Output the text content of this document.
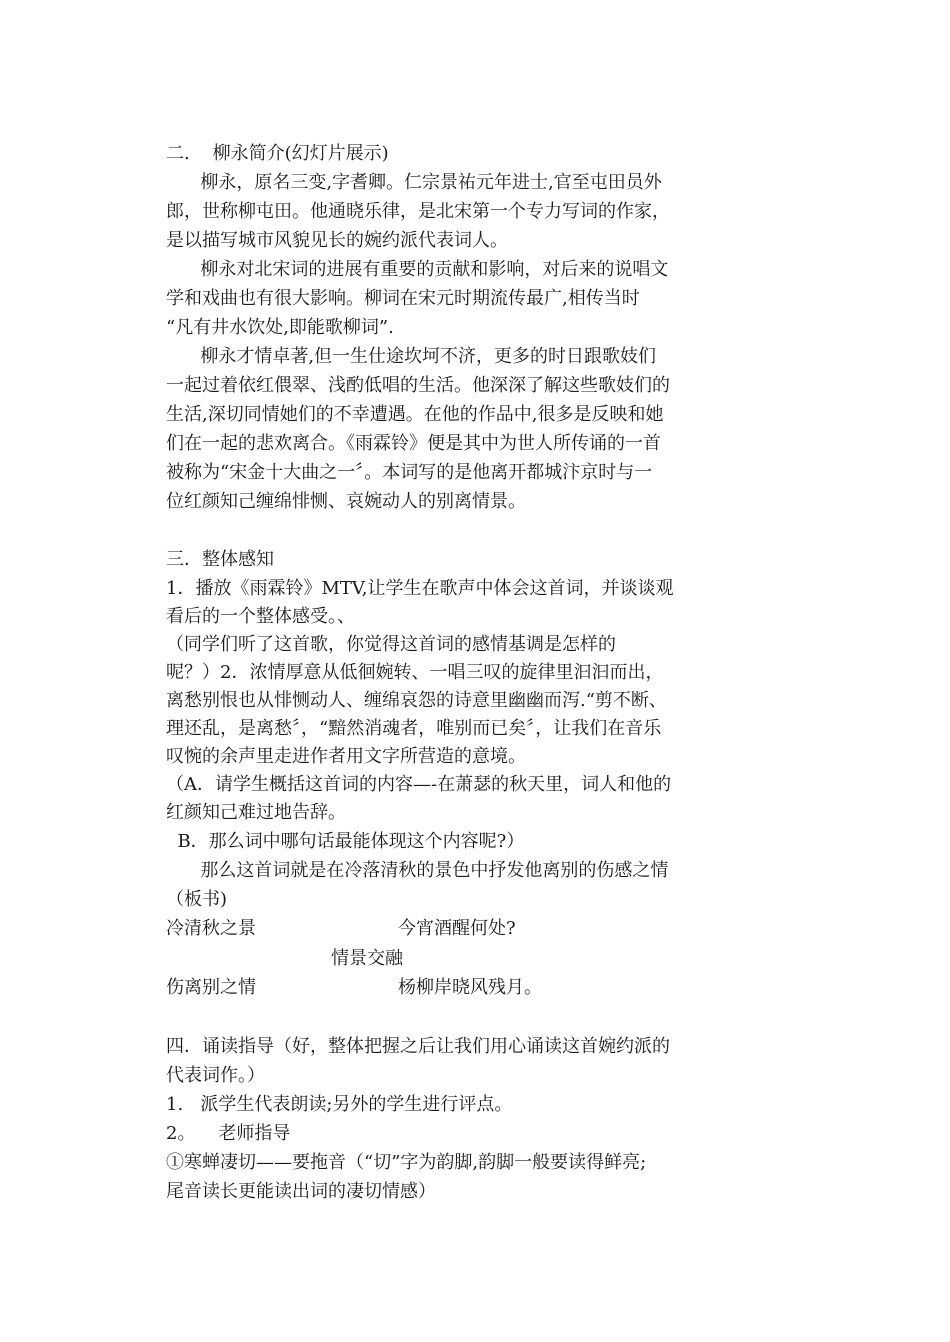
二.    柳永简介(幻灯片展示)
柳永，原名三变,字耆卿。仁宗景祐元年进士,官至屯田员外
郎，世称柳屯田。他通晓乐律，是北宋第一个专力写词的作家，
是以描写城市风貌见长的婉约派代表词人。
柳永对北宋词的进展有重要的贡献和影响，对后来的说唱文
学和戏曲也有很大影响。柳词在宋元时期流传最广,相传当时
“凡有井水饮处,即能歌柳词”.
柳永才情卓著,但一生仕途坎坷不济，更多的时日跟歌妓们
一起过着依红偎翠、浅酌低唱的生活。他深深了解这些歌妓们的
生活,深切同情她们的不幸遭遇。在他的作品中,很多是反映和她
们在一起的悲欢离合。《雨霖铃》便是其中为世人所传诵的一首
被称为“宋金十大曲之一〞。本词写的是他离开都城汴京时与一
位红颜知己缠绵悱恻、哀婉动人的别离情景。
三．整体感知
1．播放《雨霖铃》MTV,让学生在歌声中体会这首词，并谈谈观
看后的一个整体感受。、
（同学们听了这首歌，你觉得这首词的感情基调是怎样的
呢？）2．浓情厚意从低徊婉转、一唱三叹的旋律里汩汩而出，
离愁别恨也从悱恻动人、缠绵哀怨的诗意里幽幽而泻.“剪不断、
理还乱，是离愁〞，“黯然消魂者，唯别而已矣〞，让我们在音乐
叹惋的余声里走进作者用文字所营造的意境。
（A．请学生概括这首词的内容—-在萧瑟的秋天里，词人和他的
红颜知己难过地告辞。
B．那么词中哪句话最能体现这个内容呢?）
那么这首词就是在冷落清秋的景色中抒发他离别的伤感之情
（板书)
冷清秋之景	今宵酒醒何处?
情景交融
伤离别之情	杨柳岸晓风残月。
四．诵读指导（好，整体把握之后让我们用心诵读这首婉约派的
代表词作。）
1.   派学生代表朗读;另外的学生进行评点。
2。    老师指导
①寒蝉凄切——要拖音（“切”字为韵脚,韵脚一般要读得鲜亮;
尾音读长更能读出词的凄切情感）
